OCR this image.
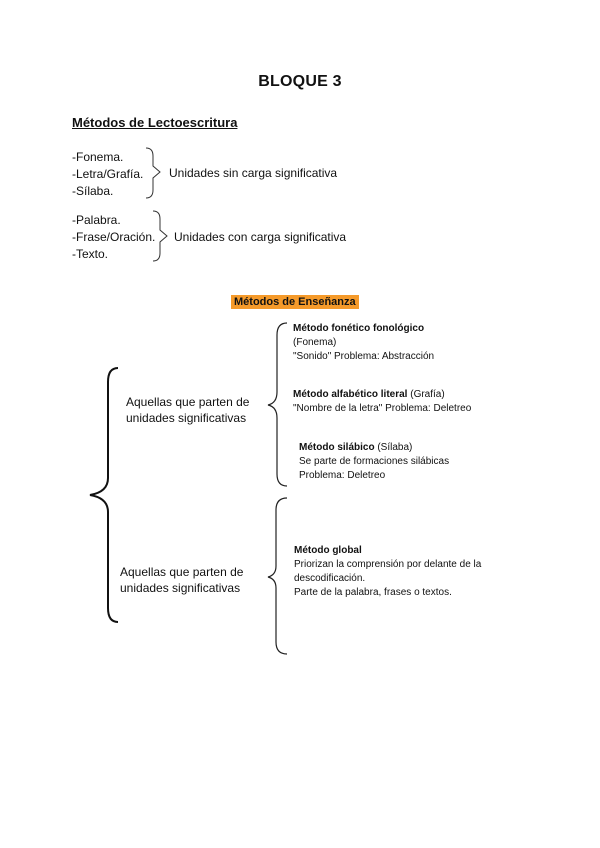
BLOQUE 3
Métodos de Lectoescritura
-Fonema.
-Letra/Grafía.
-Sílaba.
Unidades sin carga significativa
-Palabra.
-Frase/Oración.
-Texto.
Unidades con carga significativa
Métodos de Enseñanza
Aquellas que parten de
unidades significativas
Aquellas que parten de
unidades significativas
Método fonético fonológico
(Fonema)
"Sonido" Problema: Abstracción
Método alfabético literal (Grafía)
"Nombre de la letra" Problema: Deletreo
Método silábico (Sílaba)
Se parte de formaciones silábicas
Problema: Deletreo
Método global
Priorizan la comprensión por delante de la
descodificación.
Parte de la palabra, frases o textos.
